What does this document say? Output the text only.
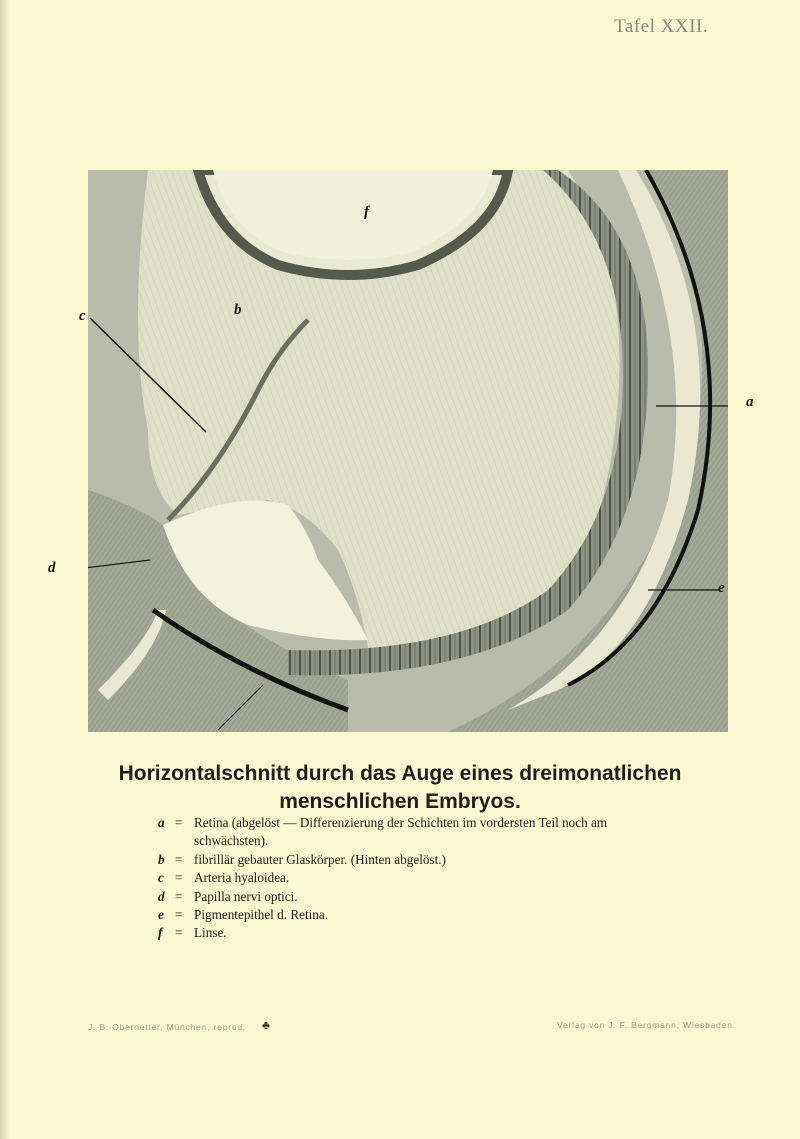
Tafel XXII.
f
b
c
d
a
e
Horizontalschnitt durch das Auge eines dreimonatlichen
menschlichen Embryos.
a = Retina (abgelöst — Differenzierung der Schichten im vordersten Teil noch am schwächsten).
b = fibrillär gebauter Glaskörper. (Hinten abgelöst.)
c = Arteria hyaloidea.
d = Papilla nervi optici.
e = Pigmentepithel d. Retina.
f = Linse.
J. B. Obernetter, München, reprod. ♣	Verlag von J. F. Bergmann, Wiesbaden.
